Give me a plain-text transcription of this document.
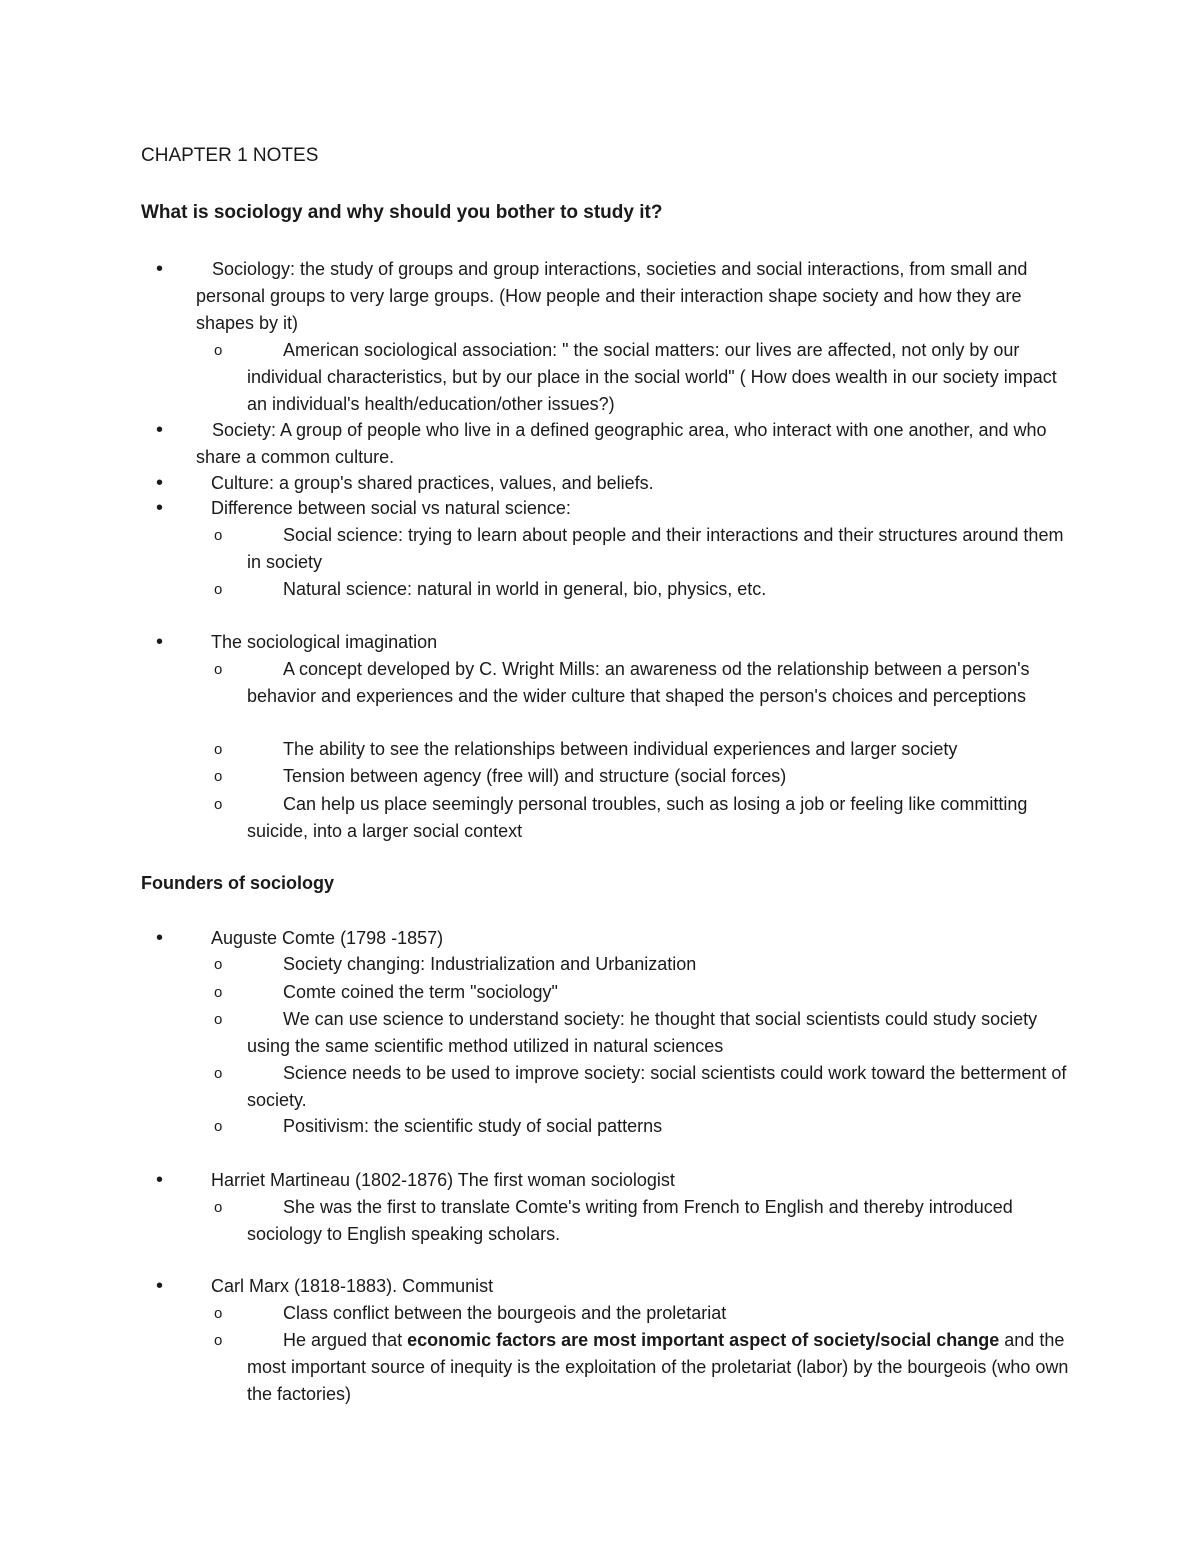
CHAPTER 1 NOTES
What is sociology and why should you bother to study it?
•	Sociology: the study of groups and group interactions, societies and social interactions, from small and personal groups to very large groups. (How people and their interaction shape society and how they are shapes by it)
o	American sociological association: " the social matters: our lives are affected, not only by our individual characteristics, but by our place in the social world" ( How does wealth in our society impact an individual's health/education/other issues?)
•	Society: A group of people who live in a defined geographic area, who interact with one another, and who share a common culture.
•	Culture: a group's shared practices, values, and beliefs.
•	Difference between social vs natural science:
o	Social science: trying to learn about people and their interactions and their structures around them in society
o	Natural science: natural in world in general, bio, physics, etc.
•	The sociological imagination
o	A concept developed by C. Wright Mills: an awareness od the relationship between a person's behavior and experiences and the wider culture that shaped the person's choices and perceptions
o	The ability to see the relationships between individual experiences and larger society
o	Tension between agency (free will) and structure (social forces)
o	Can help us place seemingly personal troubles, such as losing a job or feeling like committing suicide, into a larger social context
Founders of sociology
•	Auguste Comte (1798 -1857)
o	Society changing: Industrialization and Urbanization
o	Comte coined the term "sociology"
o	We can use science to understand society: he thought that social scientists could study society using the same scientific method utilized in natural sciences
o	Science needs to be used to improve society: social scientists could work toward the betterment of society.
o	Positivism: the scientific study of social patterns
•	Harriet Martineau (1802-1876) The first woman sociologist
o	She was the first to translate Comte's writing from French to English and thereby introduced sociology to English speaking scholars.
•	Carl Marx (1818-1883). Communist
o	Class conflict between the bourgeois and the proletariat
o	He argued that economic factors are most important aspect of society/social change and the most important source of inequity is the exploitation of the proletariat (labor) by the bourgeois (who own the factories)
